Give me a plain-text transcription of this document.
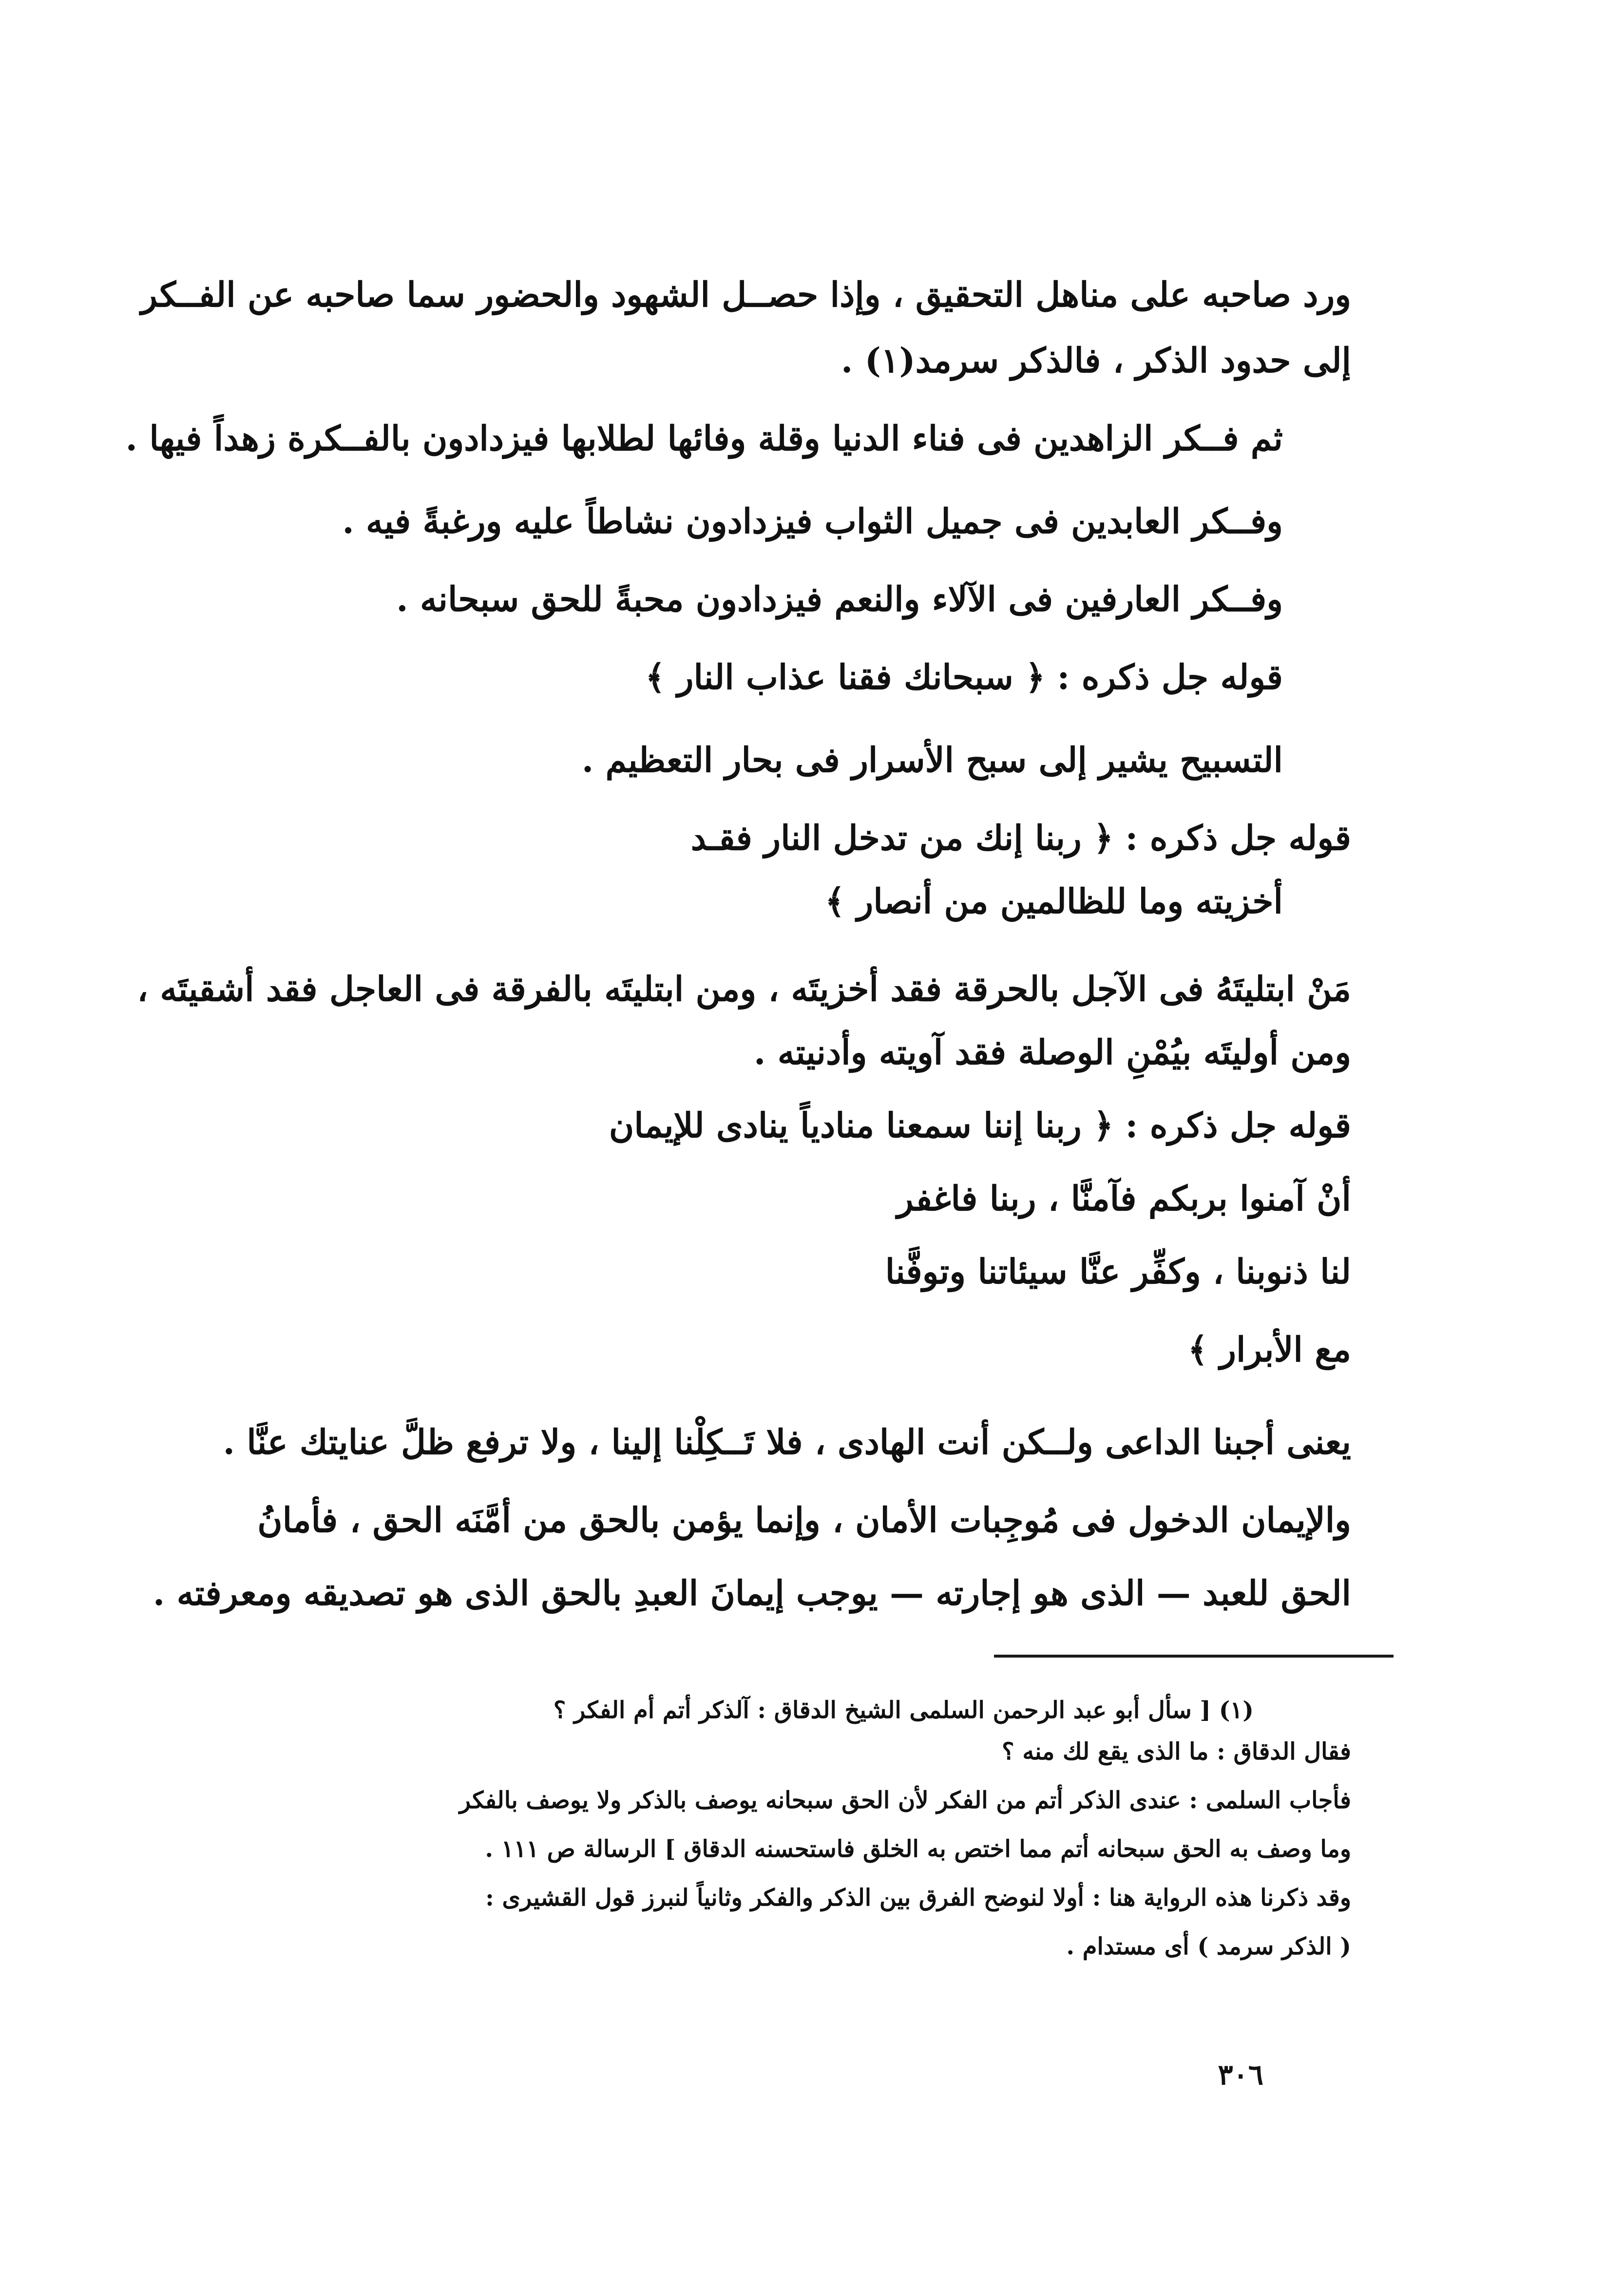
ورد صاحبه على مناهل التحقيق ، وإذا حصــل الشهود والحضور سما صاحبه عن الفــكر
إلى حدود الذكر ، فالذكر سرمد(١) .
ثم فــكر الزاهدين فى فناء الدنيا وقلة وفائها لطلابها فيزدادون بالفــكرة زهداً فيها .
وفــكر العابدين فى جميل الثواب فيزدادون نشاطاً عليه ورغبةً فيه .
وفــكر العارفين فى الآلاء والنعم فيزدادون محبةً للحق سبحانه .
قوله جل ذكره : ﴿ سبحانك فقنا عذاب النار ﴾
التسبيح يشير إلى سبح الأسرار فى بحار التعظيم .
قوله جل ذكره : ﴿ ربنا إنك من تدخل النار فقـد
أخزيته وما للظالمين من أنصار ﴾
مَنْ ابتليتَهُ فى الآجل بالحرقة فقد أخزيتَه ، ومن ابتليتَه بالفرقة فى العاجل فقد أشقيتَه ،
ومن أوليتَه بيُمْنِ الوصلة فقد آويته وأدنيته .
قوله جل ذكره : ﴿ ربنا إننا سمعنا منادياً ينادى للإيمان
أنْ آمنوا بربكم فآمنَّا ، ربنا فاغفر
لنا ذنوبنا ، وكفِّر عنَّا سيئاتنا وتوفَّنا
مع الأبرار ﴾
يعنى أجبنا الداعى ولــكن أنت الهادى ، فلا تَــكِلْنا إلينا ، ولا ترفع ظلَّ عنايتك عنَّا .
والإيمان الدخول فى مُوجِبات الأمان ، وإنما يؤمن بالحق من أمَّنَه الحق ، فأمانُ
الحق للعبد — الذى هو إجارته — يوجب إيمانَ العبدِ بالحق الذى هو تصديقه ومعرفته .
(١) [ سأل أبو عبد الرحمن السلمى الشيخ الدقاق : آلذكر أتم أم الفكر ؟
فقال الدقاق : ما الذى يقع لك منه ؟
فأجاب السلمى : عندى الذكر أتم من الفكر لأن الحق سبحانه يوصف بالذكر ولا يوصف بالفكر
وما وصف به الحق سبحانه أتم مما اختص به الخلق فاستحسنه الدقاق ] الرسالة ص ١١١ .
وقد ذكرنا هذه الرواية هنا : أولا لنوضح الفرق بين الذكر والفكر وثانياً لنبرز قول القشيرى :
( الذكر سرمد ) أى مستدام .
٣٠٦
